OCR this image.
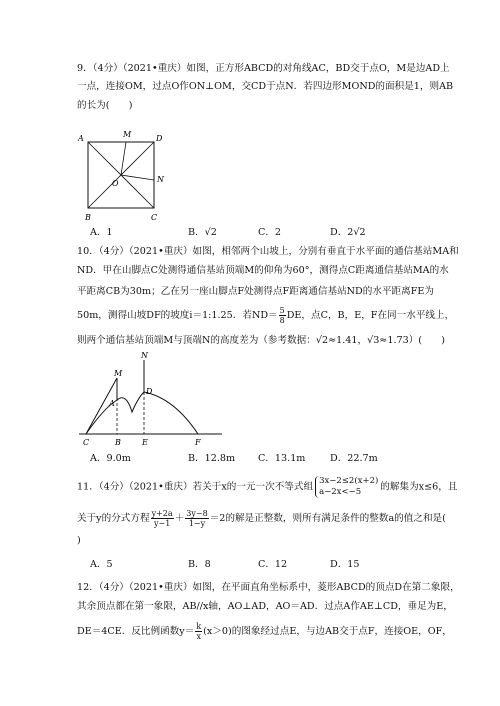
9．（4分）（2021•重庆）如图，正方形ABCD的对角线AC，BD交于点O，M是边AD上
一点，连接OM，过点O作ON⊥OM，交CD于点N．若四边形MOND的面积是1，则AB
的长为(　　)
A	M	D
O	N
B	C
A．1	B．√2	C．2	D．2√2
10．（4分）（2021•重庆）如图，相邻两个山坡上，分别有垂直于水平面的通信基站MA和
ND．甲在山脚点C处测得通信基站顶端M的仰角为60°，测得点C距离通信基站MA的水
平距离CB为30m；乙在另一座山脚点F处测得点F距离通信基站ND的水平距离FE为
50m，测得山坡DF的坡度i＝1:1.25．若$ND= \frac{5}{8}$ DE，点C，B，E，F在同一水平线上，
则两个通信基站顶端M与顶端N的高度差为（参考数据：√2≈1.41，√3≈1.73）(　　)
N
M
D
A
C	B	E	F
A．9.0m	B．12.8m C．13.1m	D．22.7m
11．（4分）（2021•重庆）若关于x的一元一次不等式组
3x−2≤2(x+2)
a−2x<−5	的解集为x≤6，且
关于y的分式方程 $\frac{y+2a}{y-1} + \frac{3y-8}{1-y} =2$的解是正整数，则所有满足条件的整数a的值之和是(
)
A．5	B．8	C．12	D．15
12．（4分）（2021•重庆）如图，在平面直角坐标系中，菱形ABCD的顶点D在第二象限，
其余顶点都在第一象限，AB//x轴，AO⊥AD，AO＝AD．过点A作AE⊥CD，垂足为E，
DE＝4CE．反比例函数$y= \frac{k}{x} (x>0)$的图象经过点E，与边AB交于点F，连接OE，OF，
